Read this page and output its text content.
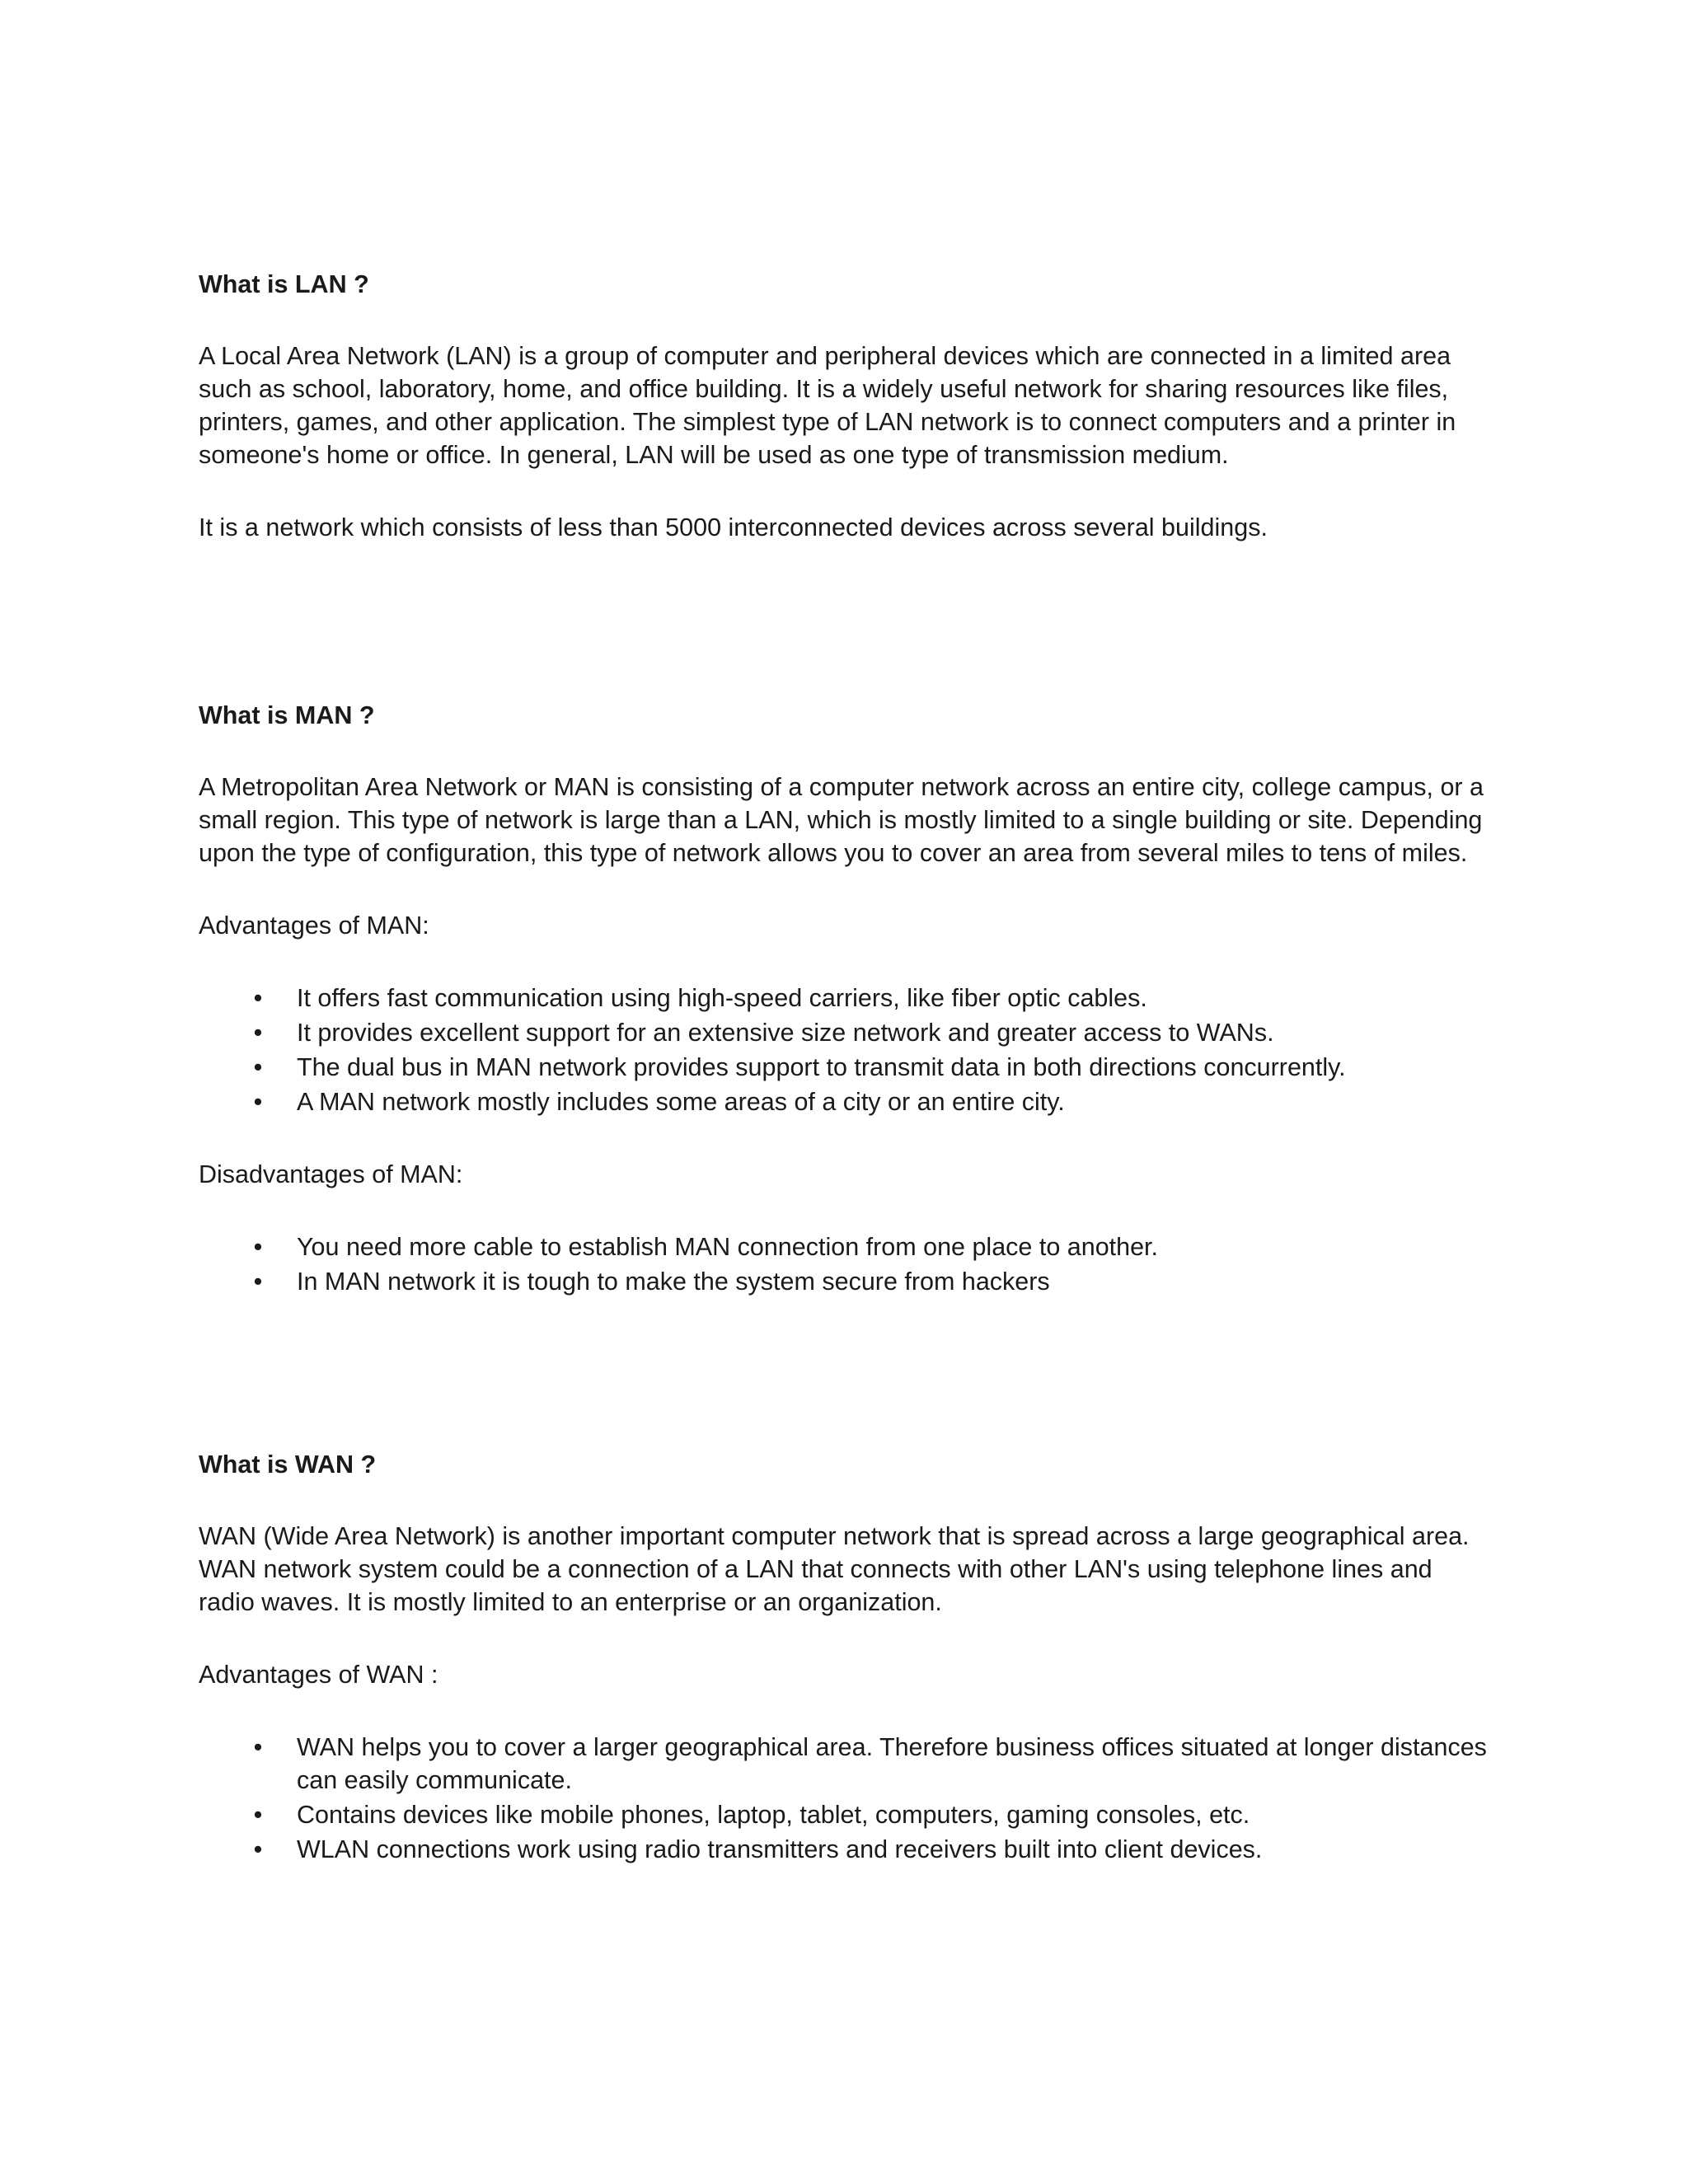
What is LAN ?

A Local Area Network (LAN) is a group of computer and peripheral devices which are connected in a limited area such as school, laboratory, home, and office building. It is a widely useful network for sharing resources like files, printers, games, and other application. The simplest type of LAN network is to connect computers and a printer in someone's home or office. In general, LAN will be used as one type of transmission medium.

It is a network which consists of less than 5000 interconnected devices across several buildings.

What is MAN ?

A Metropolitan Area Network or MAN is consisting of a computer network across an entire city, college campus, or a small region. This type of network is large than a LAN, which is mostly limited to a single building or site. Depending upon the type of configuration, this type of network allows you to cover an area from several miles to tens of miles.

Advantages of MAN:

•	It offers fast communication using high-speed carriers, like fiber optic cables.
•	It provides excellent support for an extensive size network and greater access to WANs.
•	The dual bus in MAN network provides support to transmit data in both directions concurrently.
•	A MAN network mostly includes some areas of a city or an entire city.

Disadvantages of MAN:

•	You need more cable to establish MAN connection from one place to another.
•	In MAN network it is tough to make the system secure from hackers

What is WAN ?

WAN (Wide Area Network) is another important computer network that is spread across a large geographical area. WAN network system could be a connection of a LAN that connects with other LAN's using telephone lines and radio waves. It is mostly limited to an enterprise or an organization.

Advantages of WAN :

•	WAN helps you to cover a larger geographical area. Therefore business offices situated at longer distances can easily communicate.
•	Contains devices like mobile phones, laptop, tablet, computers, gaming consoles, etc.
•	WLAN connections work using radio transmitters and receivers built into client devices.
